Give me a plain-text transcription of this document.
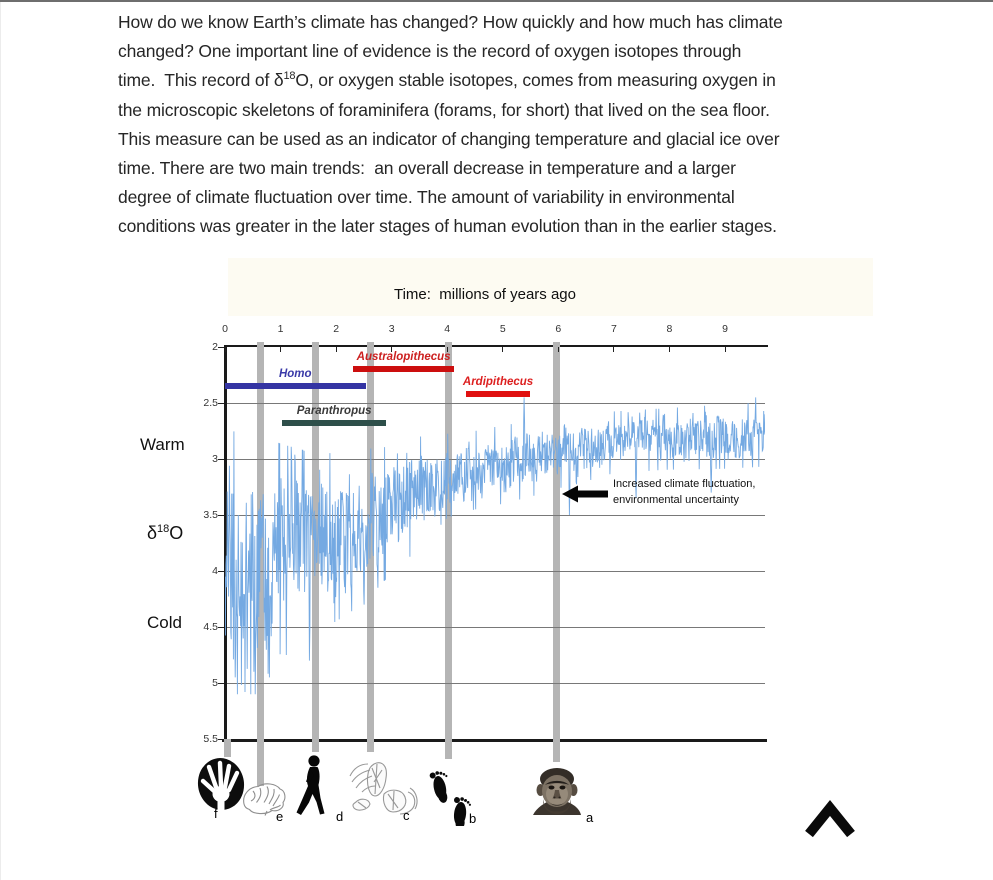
How do we know Earth’s climate has changed? How quickly and how much has climate
changed? One important line of evidence is the record of oxygen isotopes through
time.  This record of $\delta^{18}O$, or oxygen stable isotopes, comes from measuring oxygen in
the microscopic skeletons of foraminifera (forams, for short) that lived on the sea floor.
This measure can be used as an indicator of changing temperature and glacial ice over
time. There are two main trends:  an overall decrease in temperature and a larger
degree of climate fluctuation over time. The amount of variability in environmental
conditions was greater in the later stages of human evolution than in the earlier stages.
Time:  millions of years ago
0	1	2	3	4	5	6	7	8	9
2
2.5
3
3.5
4
4.5
5
5.5
Homo
Australopithecus
Ardipithecus
Paranthropus
Warm
$\delta^{18}O$
Cold
Increased climate fluctuation,
environmental uncertainty
f	e	d	c	b	a
